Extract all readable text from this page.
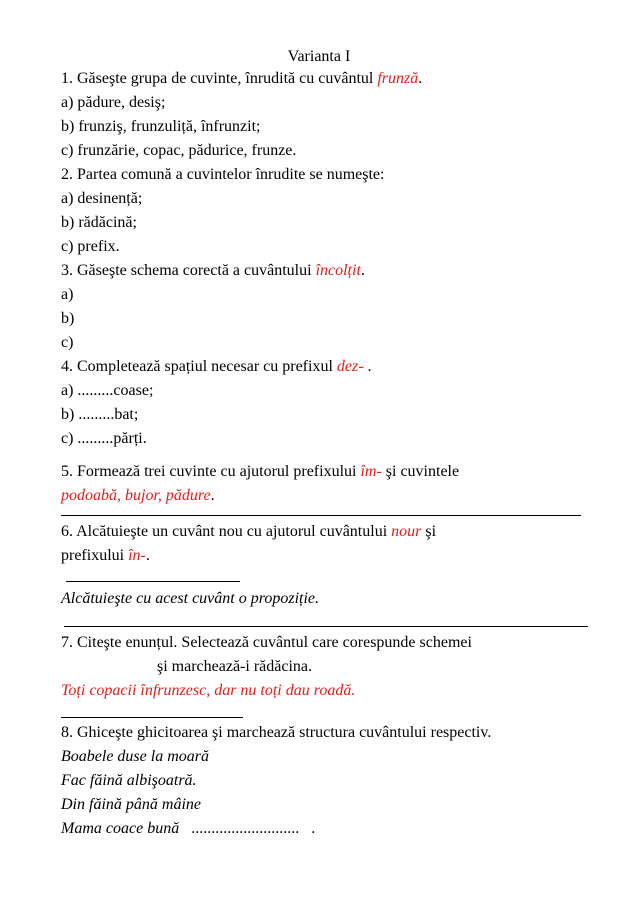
Varianta I
1. Găseşte grupa de cuvinte, înrudită cu cuvântul frunză.
a) pădure, desiş;
b) frunziş, frunzuliță, înfrunzit;
c) frunzărie, copac, pădurice, frunze.
2. Partea comună a cuvintelor înrudite se numeşte:
a) desinență;
b) rădăcină;
c) prefix.
3. Găseşte schema corectă a cuvântului încolțit.
a)
b)
c)
4. Completează spațiul necesar cu prefixul dez- .
a) .........coase;
b) .........bat;
c) .........părți.
5. Formează trei cuvinte cu ajutorul prefixului îm- şi cuvintele
podoabă, bujor, pădure.
6. Alcătuieşte un cuvânt nou cu ajutorul cuvântului nour şi
prefixului în-.
Alcătuieşte cu acest cuvânt o propoziție.
7. Citeşte enunțul. Selectează cuvântul care corespunde schemei
şi marchează-i rădăcina.
Toți copacii înfrunzesc, dar nu toți dau roadă.
8. Ghiceşte ghicitoarea şi marchează structura cuvântului respectiv.
Boabele duse la moară
Fac făină albişoatră.
Din făină până mâine
Mama coace bună   ...........................   .
